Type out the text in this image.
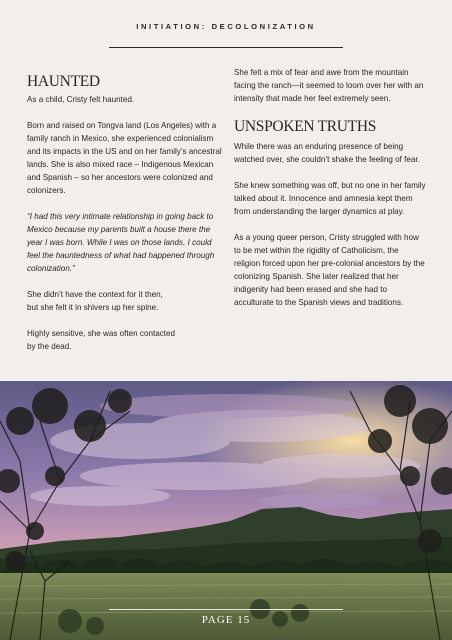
INITIATION: DECOLONIZATION
HAUNTED

As a child, Cristy felt haunted.

Born and raised on Tongva land (Los Angeles) with a family ranch in Mexico, she experienced colonialism and its impacts in the US and on her family’s ancestral lands. She is also mixed race – Indigenous Mexican and Spanish – so her ancestors were colonized and colonizers.

“I had this very intimate relationship in going back to Mexico because my parents built a house there the year I was born. While I was on those lands, I could feel the hauntedness of what had happened through colonization.”

She didn’t have the context for it then,
but she felt it in shivers up her spine.

Highly sensitive, she was often contacted
by the dead.

She felt a mix of fear and awe from the mountain facing the ranch—it seemed to loom over her with an intensity that made her feel extremely seen.

UNSPOKEN TRUTHS

While there was an enduring presence of being watched over, she couldn’t shake the feeling of fear.

She knew something was off, but no one in her family talked about it. Innocence and amnesia kept them from understanding the larger dynamics at play.

As a young queer person, Cristy struggled with how to be met within the rigidity of Catholicism, the religion forced upon her pre-colonial ancestors by the colonizing Spanish. She later realized that her indigenity had been erased and she had to acculturate to the Spanish views and traditions.

PAGE 15
